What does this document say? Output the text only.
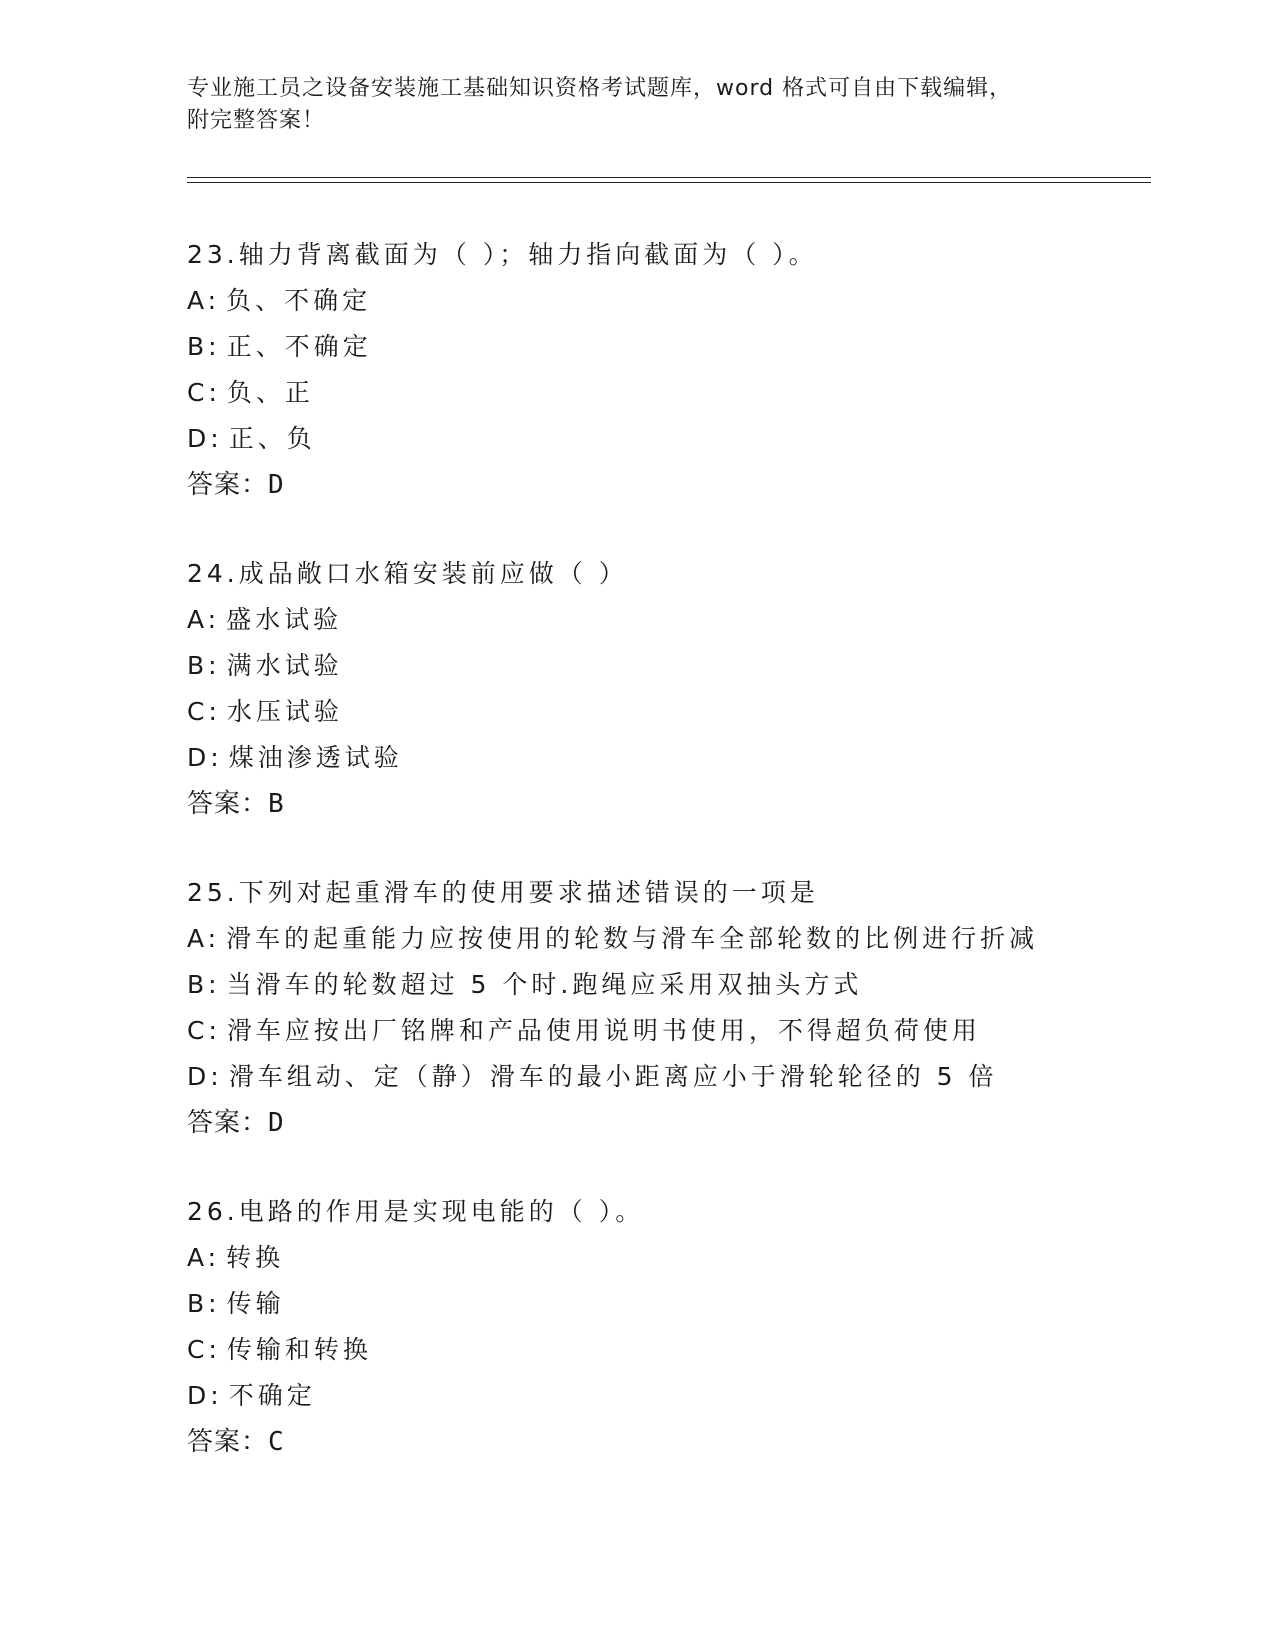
专业施工员之设备安装施工基础知识资格考试题库，word 格式可自由下载编辑，
附完整答案！
23.轴力背离截面为（ ）；轴力指向截面为（ ）。
A: 负、不确定
B: 正、不确定
C: 负、正
D: 正、负
答案：D
24.成品敞口水箱安装前应做（ ）
A: 盛水试验
B: 满水试验
C: 水压试验
D: 煤油渗透试验
答案：B
25.下列对起重滑车的使用要求描述错误的一项是
A: 滑车的起重能力应按使用的轮数与滑车全部轮数的比例进行折减
B: 当滑车的轮数超过 5 个时.跑绳应采用双抽头方式
C: 滑车应按出厂铭牌和产品使用说明书使用，不得超负荷使用
D: 滑车组动、定（静）滑车的最小距离应小于滑轮轮径的 5 倍
答案：D
26.电路的作用是实现电能的（ ）。
A: 转换
B: 传输
C: 传输和转换
D: 不确定
答案：C
